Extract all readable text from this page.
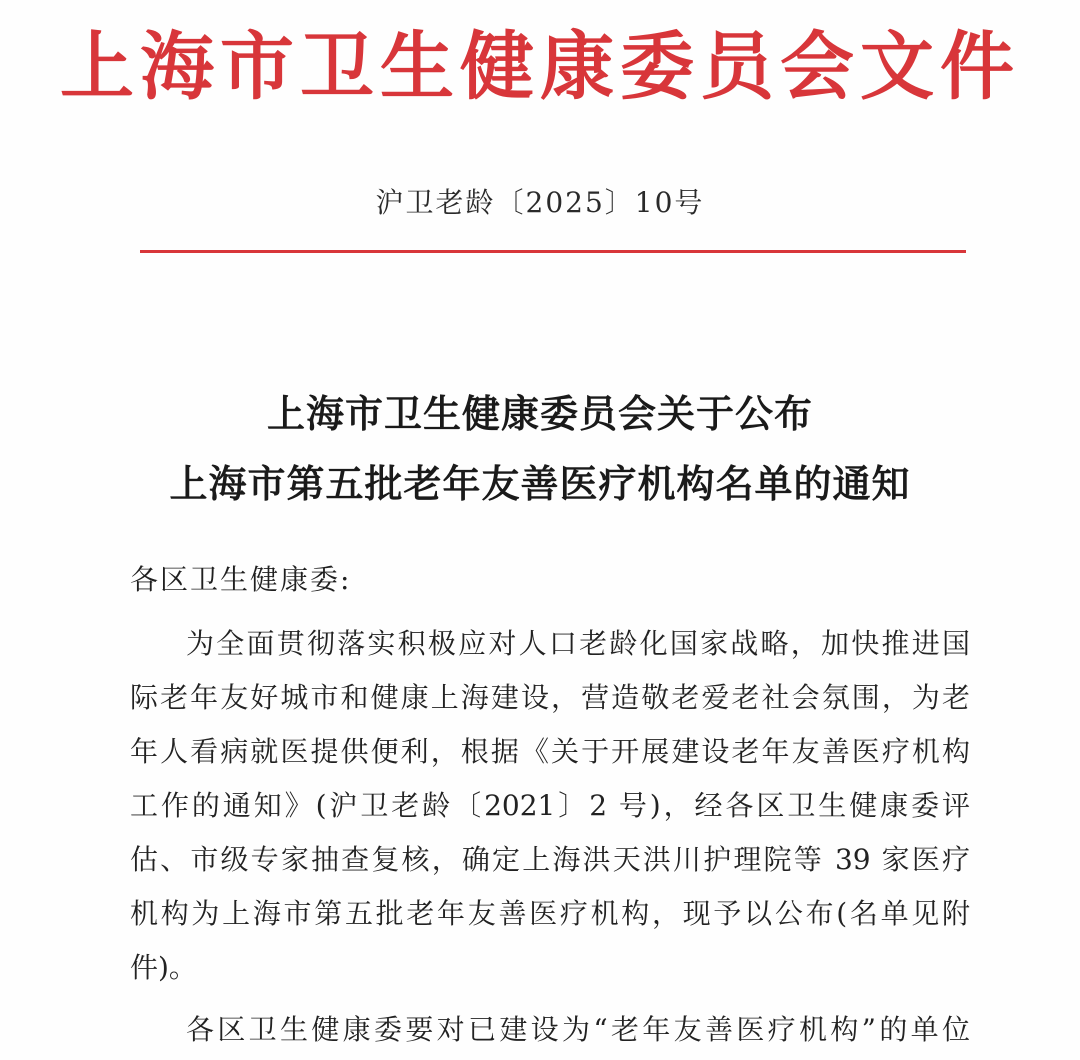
上海市卫生健康委员会文件
沪卫老龄〔2025〕10号
上海市卫生健康委员会关于公布
上海市第五批老年友善医疗机构名单的通知
各区卫生健康委:
为全面贯彻落实积极应对人口老龄化国家战略，加快推进国
际老年友好城市和健康上海建设，营造敬老爱老社会氛围，为老
年人看病就医提供便利，根据《关于开展建设老年友善医疗机构
工作的通知》(沪卫老龄〔2021〕2 号)，经各区卫生健康委评
估、市级专家抽查复核，确定上海洪天洪川护理院等 39 家医疗
机构为上海市第五批老年友善医疗机构，现予以公布(名单见附
件)。
各区卫生健康委要对已建设为“老年友善医疗机构”的单位
